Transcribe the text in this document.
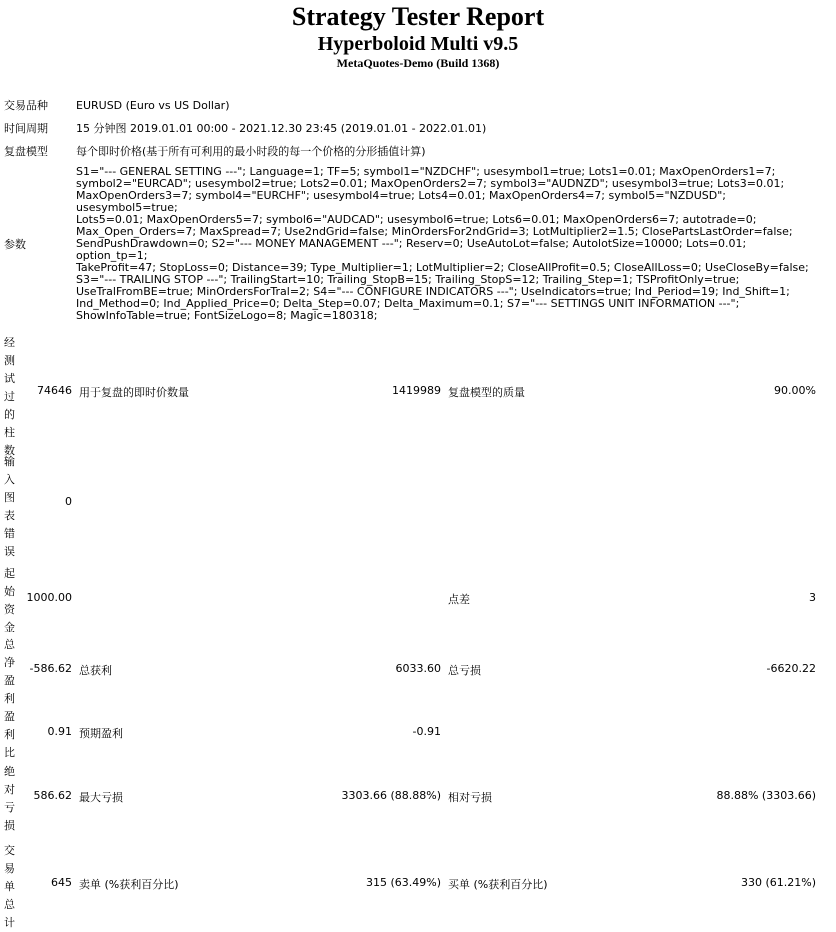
Strategy Tester Report
Hyperboloid Multi v9.5
MetaQuotes-Demo (Build 1368)
交易品种	EURUSD (Euro vs US Dollar)
时间周期	15 分钟图 2019.01.01 00:00 - 2021.12.30 23:45 (2019.01.01 - 2022.01.01)
复盘模型	每个即时价格(基于所有可利用的最小时段的每一个价格的分形插值计算)
参数	
S1="--- GENERAL SETTING ---"; Language=1; TF=5; symbol1="NZDCHF"; usesymbol1=true; Lots1=0.01; MaxOpenOrders1=7;
symbol2="EURCAD"; usesymbol2=true; Lots2=0.01; MaxOpenOrders2=7; symbol3="AUDNZD"; usesymbol3=true; Lots3=0.01;
MaxOpenOrders3=7; symbol4="EURCHF"; usesymbol4=true; Lots4=0.01; MaxOpenOrders4=7; symbol5="NZDUSD"; usesymbol5=true;
Lots5=0.01; MaxOpenOrders5=7; symbol6="AUDCAD"; usesymbol6=true; Lots6=0.01; MaxOpenOrders6=7; autotrade=0;
Max_Open_Orders=7; MaxSpread=7; Use2ndGrid=false; MinOrdersFor2ndGrid=3; LotMultiplier2=1.5; ClosePartsLastOrder=false;
SendPushDrawdown=0; S2="--- MONEY MANAGEMENT ---"; Reserv=0; UseAutoLot=false; AutolotSize=10000; Lots=0.01; option_tp=1;
TakeProfit=47; StopLoss=0; Distance=39; Type_Multiplier=1; LotMultiplier=2; CloseAllProfit=0.5; CloseAllLoss=0; UseCloseBy=false;
S3="--- TRAILING STOP ---"; TrailingStart=10; Trailing_StopB=15; Trailing_StopS=12; Trailing_Step=1; TSProfitOnly=true;
UseTralFromBE=true; MinOrdersForTral=2; S4="--- CONFIGURE INDICATORS ---"; UseIndicators=true; Ind_Period=19; Ind_Shift=1;
Ind_Method=0; Ind_Applied_Price=0; Delta_Step=0.07; Delta_Maximum=0.1; S7="--- SETTINGS UNIT INFORMATION ---";
ShowInfoTable=true; FontSizeLogo=8; Magic=180318;
经测试过的柱数
74646 用于复盘的即时价数量	1419989 复盘模型的质量	90.00%
输入图表错误
0
起始资金
1000.00	点差	3
总净盈利
-586.62 总获利	6033.60 总亏损	-6620.22
盈利比
0.91 预期盈利	-0.91
绝对亏损
586.62 最大亏损	3303.66 (88.88%) 相对亏损	88.88% (3303.66)
交易单总计
645 卖单 (%获利百分比)	315 (63.49%) 买单 (%获利百分比)	330 (61.21%)
